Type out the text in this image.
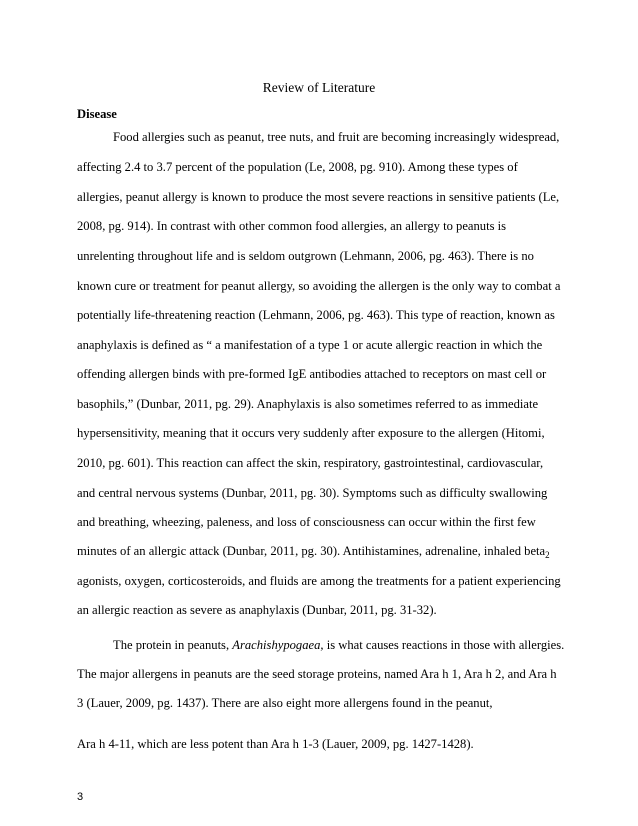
Review of Literature
Disease
Food allergies such as peanut, tree nuts, and fruit are becoming increasingly widespread,
affecting 2.4 to 3.7 percent of the population (Le, 2008, pg. 910). Among these types of
allergies, peanut allergy is known to produce the most severe reactions in sensitive patients (Le,
2008, pg. 914). In contrast with other common food allergies, an allergy to peanuts is
unrelenting throughout life and is seldom outgrown (Lehmann, 2006, pg. 463). There is no
known cure or treatment for peanut allergy, so avoiding the allergen is the only way to combat a
potentially life-threatening reaction (Lehmann, 2006, pg. 463). This type of reaction, known as
anaphylaxis is defined as “ a manifestation of a type 1 or acute allergic reaction in which the
offending allergen binds with pre-formed IgE antibodies attached to receptors on mast cell or
basophils,” (Dunbar, 2011, pg. 29). Anaphylaxis is also sometimes referred to as immediate
hypersensitivity, meaning that it occurs very suddenly after exposure to the allergen (Hitomi,
2010, pg. 601). This reaction can affect the skin, respiratory, gastrointestinal, cardiovascular,
and central nervous systems (Dunbar, 2011, pg. 30). Symptoms such as difficulty swallowing
and breathing, wheezing, paleness, and loss of consciousness can occur within the first few
minutes of an allergic attack (Dunbar, 2011, pg. 30). Antihistamines, adrenaline, inhaled beta$_2$
agonists, oxygen, corticosteroids, and fluids are among the treatments for a patient experiencing
an allergic reaction as severe as anaphylaxis (Dunbar, 2011, pg. 31-32).
The protein in peanuts, Arachishypogaea, is what causes reactions in those with allergies.
The major allergens in peanuts are the seed storage proteins, named Ara h 1, Ara h 2, and Ara h
3 (Lauer, 2009, pg. 1437). There are also eight more allergens found in the peanut,
Ara h 4-11, which are less potent than Ara h 1-3 (Lauer, 2009, pg. 1427-1428).
3
